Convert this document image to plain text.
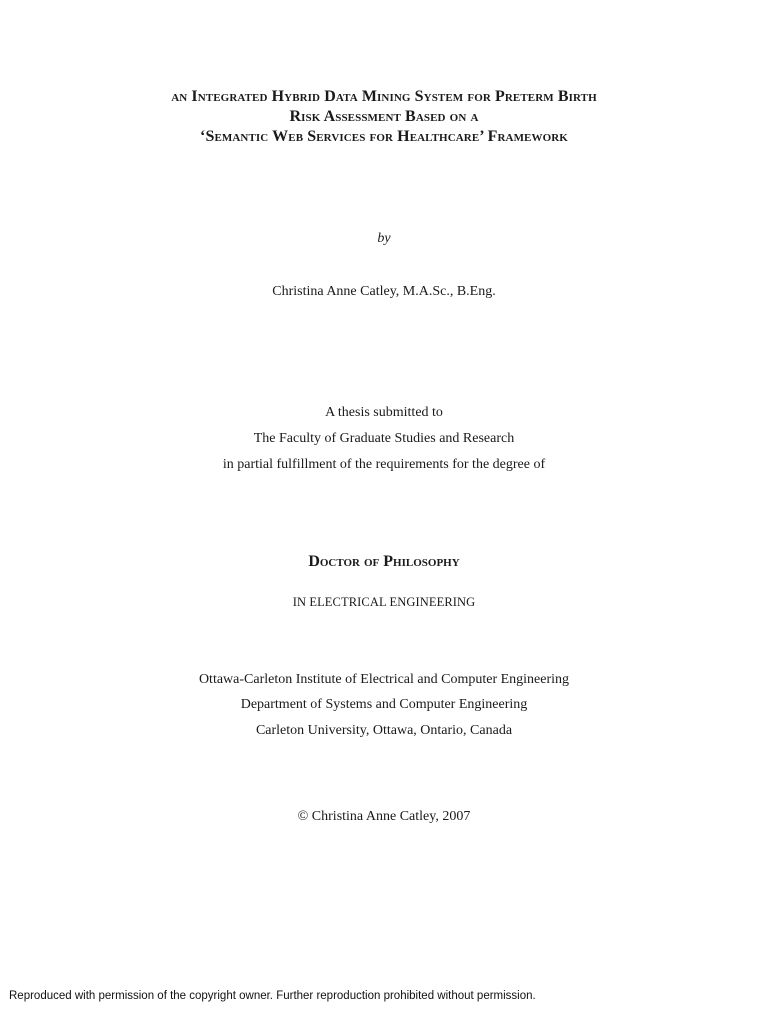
an Integrated Hybrid Data Mining System for Preterm Birth
Risk Assessment Based on a
‘Semantic Web Services for Healthcare’ Framework
by
Christina Anne Catley, M.A.Sc., B.Eng.
A thesis submitted to
The Faculty of Graduate Studies and Research
in partial fulfillment of the requirements for the degree of
Doctor of Philosophy
IN ELECTRICAL ENGINEERING
Ottawa-Carleton Institute of Electrical and Computer Engineering
Department of Systems and Computer Engineering
Carleton University, Ottawa, Ontario, Canada
© Christina Anne Catley, 2007
Reproduced with permission of the copyright owner. Further reproduction prohibited without permission.
